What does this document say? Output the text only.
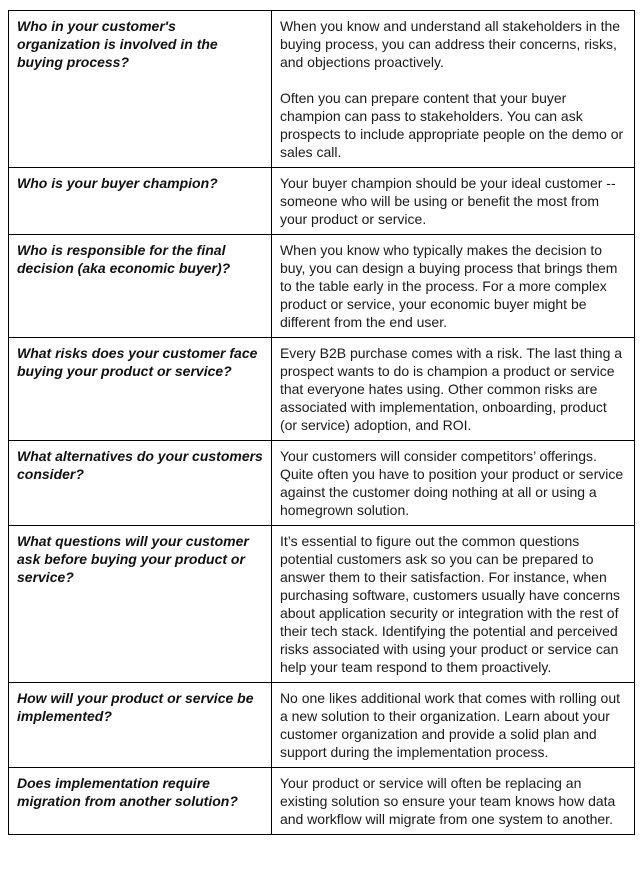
Who in your customer's organization is involved in the buying process?	When you know and understand all stakeholders in the buying process, you can address their concerns, risks, and objections proactively.

Often you can prepare content that your buyer champion can pass to stakeholders. You can ask prospects to include appropriate people on the demo or sales call.

Who is your buyer champion?	Your buyer champion should be your ideal customer -- someone who will be using or benefit the most from your product or service.

Who is responsible for the final decision (aka economic buyer)?	When you know who typically makes the decision to buy, you can design a buying process that brings them to the table early in the process. For a more complex product or service, your economic buyer might be different from the end user.

What risks does your customer face buying your product or service?	Every B2B purchase comes with a risk. The last thing a prospect wants to do is champion a product or service that everyone hates using. Other common risks are associated with implementation, onboarding, product (or service) adoption, and ROI.

What alternatives do your customers consider?	Your customers will consider competitors’ offerings. Quite often you have to position your product or service against the customer doing nothing at all or using a homegrown solution.

What questions will your customer ask before buying your product or service?	It’s essential to figure out the common questions potential customers ask so you can be prepared to answer them to their satisfaction. For instance, when purchasing software, customers usually have concerns about application security or integration with the rest of their tech stack. Identifying the potential and perceived risks associated with using your product or service can help your team respond to them proactively.

How will your product or service be implemented?	No one likes additional work that comes with rolling out a new solution to their organization. Learn about your customer organization and provide a solid plan and support during the implementation process.

Does implementation require migration from another solution?	Your product or service will often be replacing an existing solution so ensure your team knows how data and workflow will migrate from one system to another.
